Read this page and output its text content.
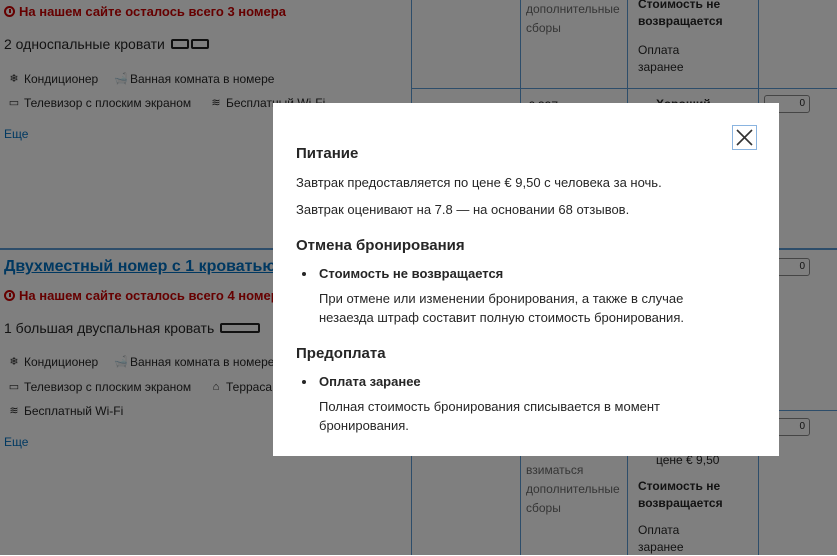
Питание

Завтрак предоставляется по цене € 9,50 с человека за ночь.

Завтрак оценивают на 7.8 — на основании 68 отзывов.

Отмена бронирования
Стоимость не возвращается
При отмене или изменении бронирования, а также в случае незаезда штраф составит полную стоимость бронирования.
Предоплата
Оплата заранее
Полная стоимость бронирования списывается в момент бронирования.
